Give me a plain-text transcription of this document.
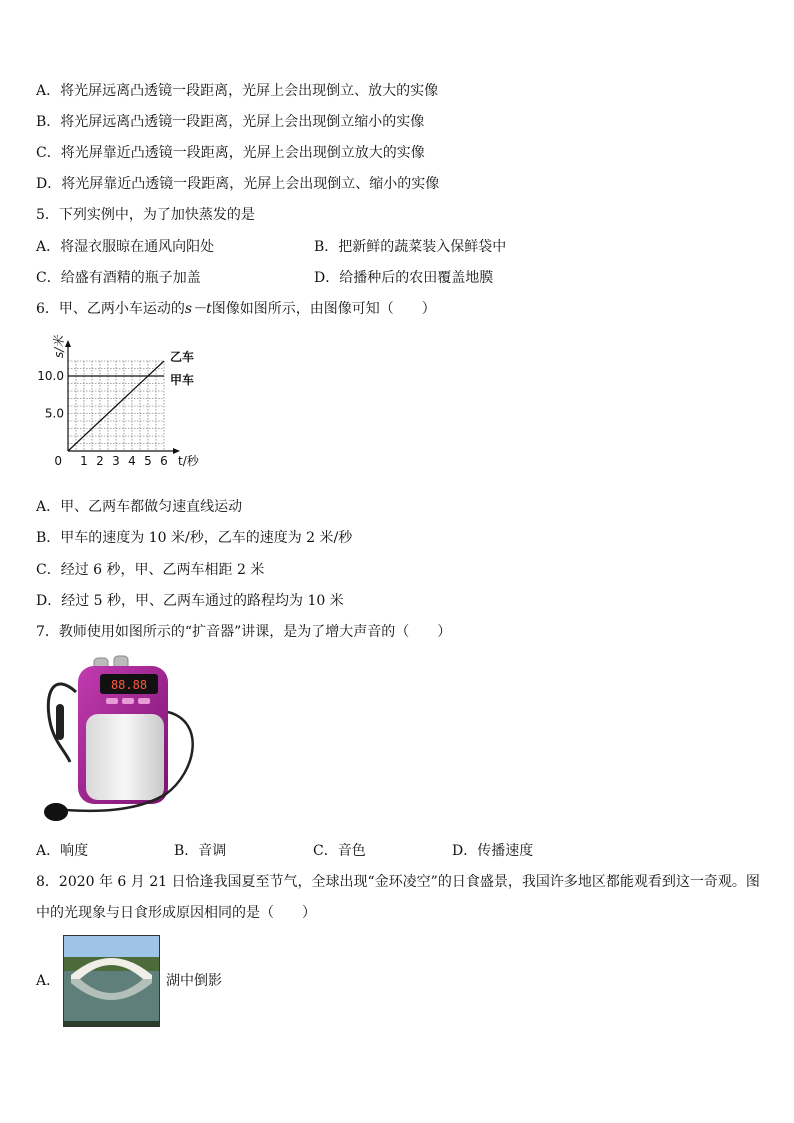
A．将光屏远离凸透镜一段距离，光屏上会出现倒立、放大的实像
B．将光屏远离凸透镜一段距离，光屏上会出现倒立缩小的实像
C．将光屏靠近凸透镜一段距离，光屏上会出现倒立放大的实像
D．将光屏靠近凸透镜一段距离，光屏上会出现倒立、缩小的实像
5．下列实例中，为了加快蒸发的是
A．将湿衣服晾在通风向阳处	B．把新鲜的蔬菜装入保鲜袋中
C．给盛有酒精的瓶子加盖	D．给播种后的农田覆盖地膜
6．甲、乙两小车运动的s－t图像如图所示，由图像可知（　　）
s/米
t/秒
0 1 2 3 4 5 6
5.0
10.0
乙车
甲车
A．甲、乙两车都做匀速直线运动
B．甲车的速度为 10 米/秒，乙车的速度为 2 米/秒
C．经过 6 秒，甲、乙两车相距 2 米
D．经过 5 秒，甲、乙两车通过的路程均为 10 米
7．教师使用如图所示的“扩音器”讲课，是为了增大声音的（　　）
88.88
A．响度	B．音调	C．音色	D．传播速度
8．2020 年 6 月 21 日恰逢我国夏至节气，全球出现“金环凌空”的日食盛景，我国许多地区都能观看到这一奇观。图
中的光现象与日食形成原因相同的是（　　）
A．	湖中倒影
